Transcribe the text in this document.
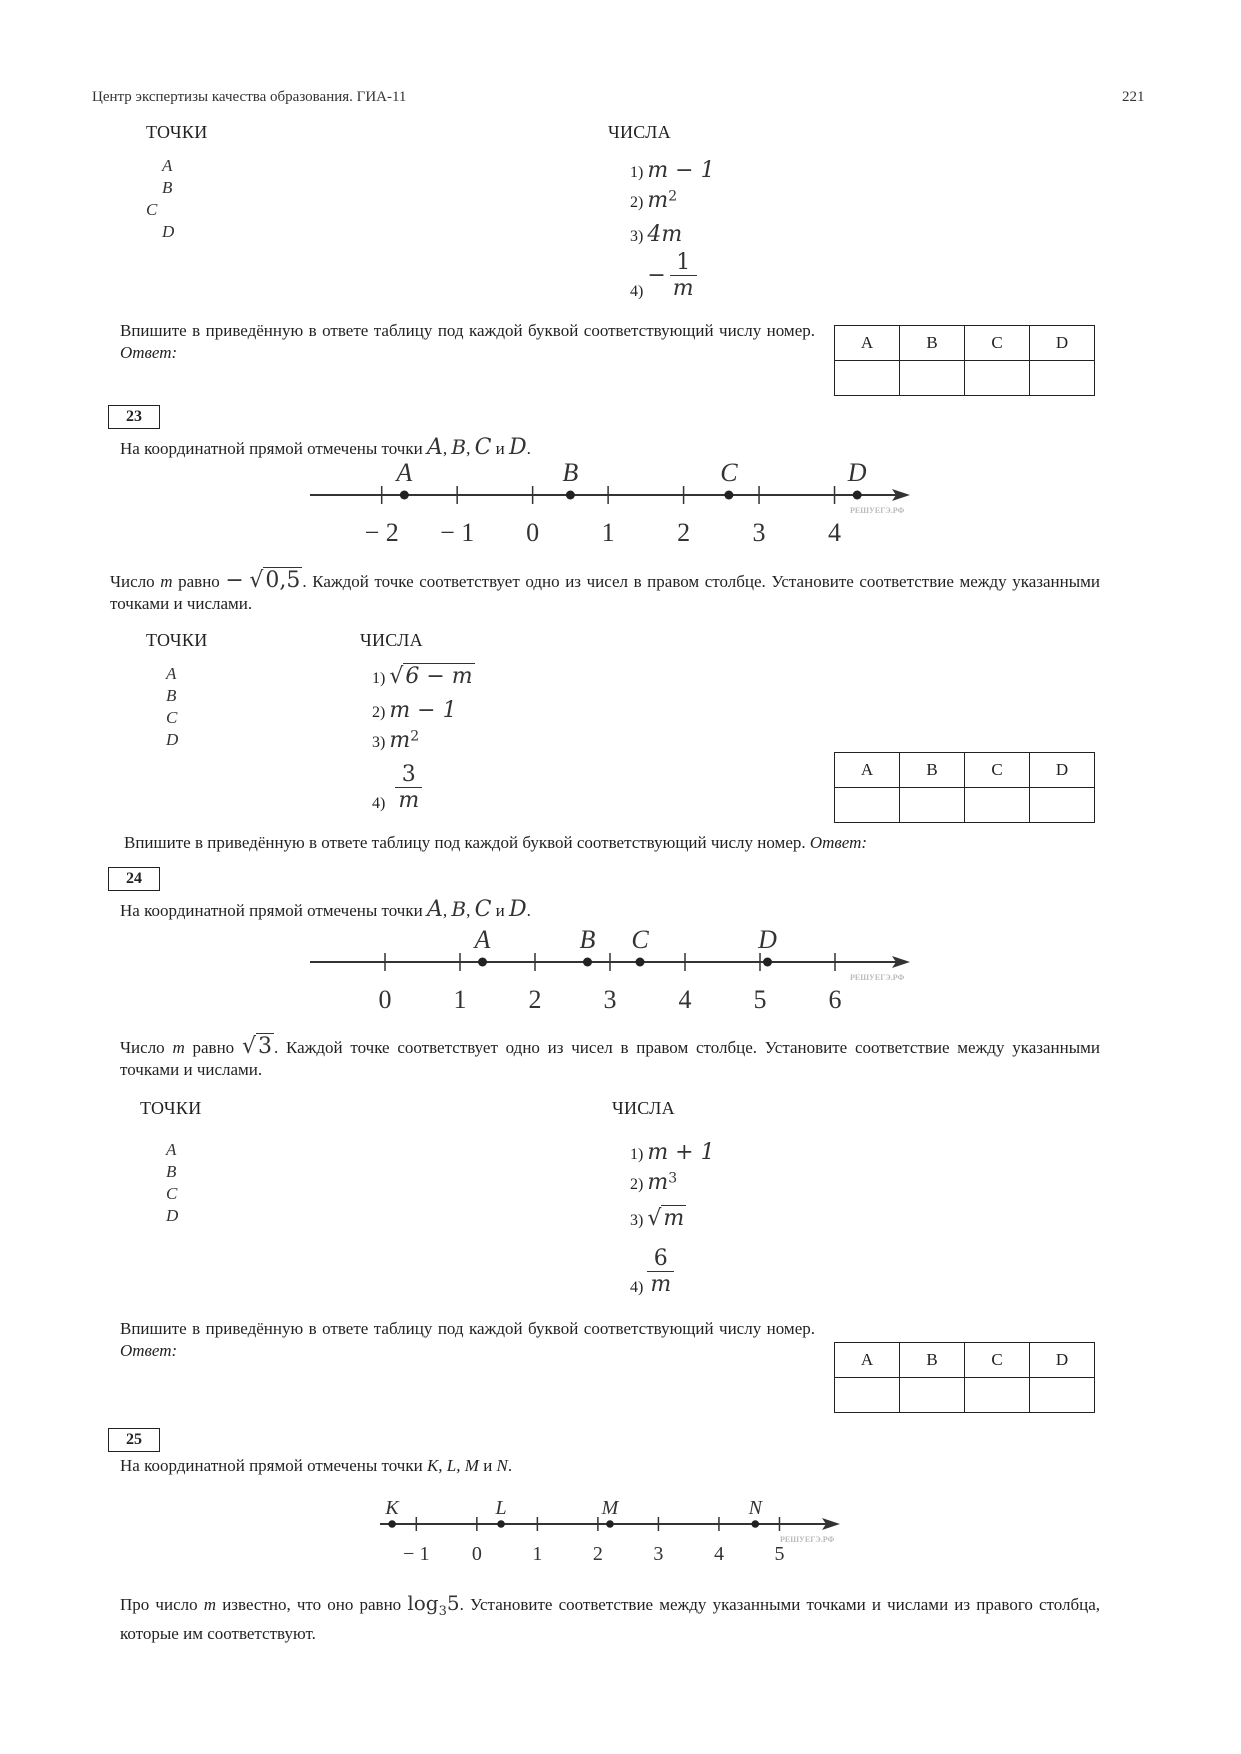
Центр экспертизы качества образования. ГИА-11	221
ТОЧКИ	ЧИСЛА
A
B
C
D
1) m − 1
2) $m^2$
3) 4m
$4) - \frac{1}{m}$
Впишите в приведённую в ответе таблицу под каждой буквой соответствующий числу номер. Ответ:
A	B	C	D

23
На координатной прямой отмечены точки A, B, C и D.
РЕШУЕГЭ.РФ
− 2 − 1 0 1 2 3 4
A	B	C	D
Число m равно − √0,5 . Каждой точке соответствует одно из чисел в правом столбце. Установите соответствие между указанными точками и числами.
ТОЧКИ	ЧИСЛА
A
B
C
D
1) √6 − m
2) m − 1
3) $m^2$
$4) \frac{3}{m}$	A	B	C	D

Впишите в приведённую в ответе таблицу под каждой буквой соответствующий числу номер. Ответ:
24
На координатной прямой отмечены точки A, B, C и D.
РЕШУЕГЭ.РФ
0 1 2 3 4 5 6
A	B C	D
Число m равно √3 . Каждой точке соответствует одно из чисел в правом столбце. Установите соответствие между указанными точками и числами.
ТОЧКИ	ЧИСЛА
A
B
C
D
1) m + 1
2) $m^3$
3) √m
$4) \frac{6}{m}$
Впишите в приведённую в ответе таблицу под каждой буквой соответствующий числу номер. Ответ:	A	B	C	D

25
На координатной прямой отмечены точки K, L, M и N.
РЕШУЕГЭ.РФ
− 1 0	1	2	3	4	5
K	L	M	N
Про число m известно, что оно равно $\log_35$. Установите соответствие между указанными точками и числами из правого столбца, которые им соответствуют.
